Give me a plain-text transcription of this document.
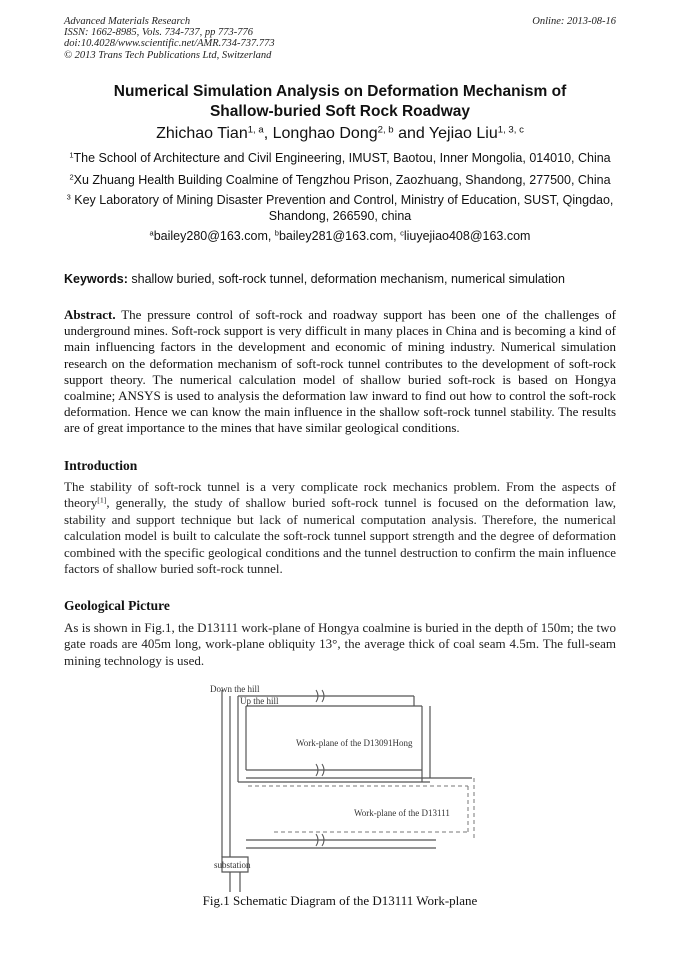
Advanced Materials Research
ISSN: 1662-8985, Vols. 734-737, pp 773-776
doi:10.4028/www.scientific.net/AMR.734-737.773
© 2013 Trans Tech Publications Ltd, Switzerland
Online: 2013-08-16
Numerical Simulation Analysis on Deformation Mechanism of
Shallow-buried Soft Rock Roadway
Zhichao Tian$^{1, a}$, Longhao Dong$^{2, b}$ and Yejiao Liu$^{1, 3, c}$
$^1$The School of Architecture and Civil Engineering, IMUST, Baotou, Inner Mongolia, 014010, China
$^2$Xu Zhuang Health Building Coalmine of Tengzhou Prison, Zaozhuang, Shandong, 277500, China
$^3$ Key Laboratory of Mining Disaster Prevention and Control, Ministry of Education, SUST, Qingdao, Shandong, 266590, china
$^a$bailey280@163.com, $^b$bailey281@163.com, $^c$liuyejiao408@163.com
Keywords: shallow buried, soft-rock tunnel, deformation mechanism, numerical simulation
Abstract. The pressure control of soft-rock and roadway support has been one of the challenges of underground mines. Soft-rock support is very difficult in many places in China and is becoming a kind of main influencing factors in the development and economic of mining industry. Numerical simulation research on the deformation mechanism of soft-rock tunnel contributes to the development of soft-rock support theory. The numerical calculation model of shallow buried soft-rock is based on Hongya coalmine; ANSYS is used to analysis the deformation law inward to find out how to control the soft-rock deformation. Hence we can know the main influence in the shallow soft-rock tunnel stability. The results are of great importance to the mines that have similar geological conditions.
Introduction
The stability of soft-rock tunnel is a very complicate rock mechanics problem. From the aspects of theory[1], generally, the study of shallow buried soft-rock tunnel is focused on the deformation law, stability and support technique but lack of numerical computation analysis. Therefore, the numerical calculation model is built to calculate the soft-rock tunnel support strength and the degree of deformation combined with the specific geological conditions and the tunnel destruction to confirm the main influence factors of shallow buried soft-rock tunnel.
Geological Picture
As is shown in Fig.1, the D13111 work-plane of Hongya coalmine is buried in the depth of 150m; the two gate roads are 405m long, work-plane obliquity 13°, the average thick of coal seam 4.5m. The full-seam mining technology is used.
Down the hill
Up the hill
Work-plane of the D13091Hong
Work-plane of the D13111
substation
Fig.1 Schematic Diagram of the D13111 Work-plane
